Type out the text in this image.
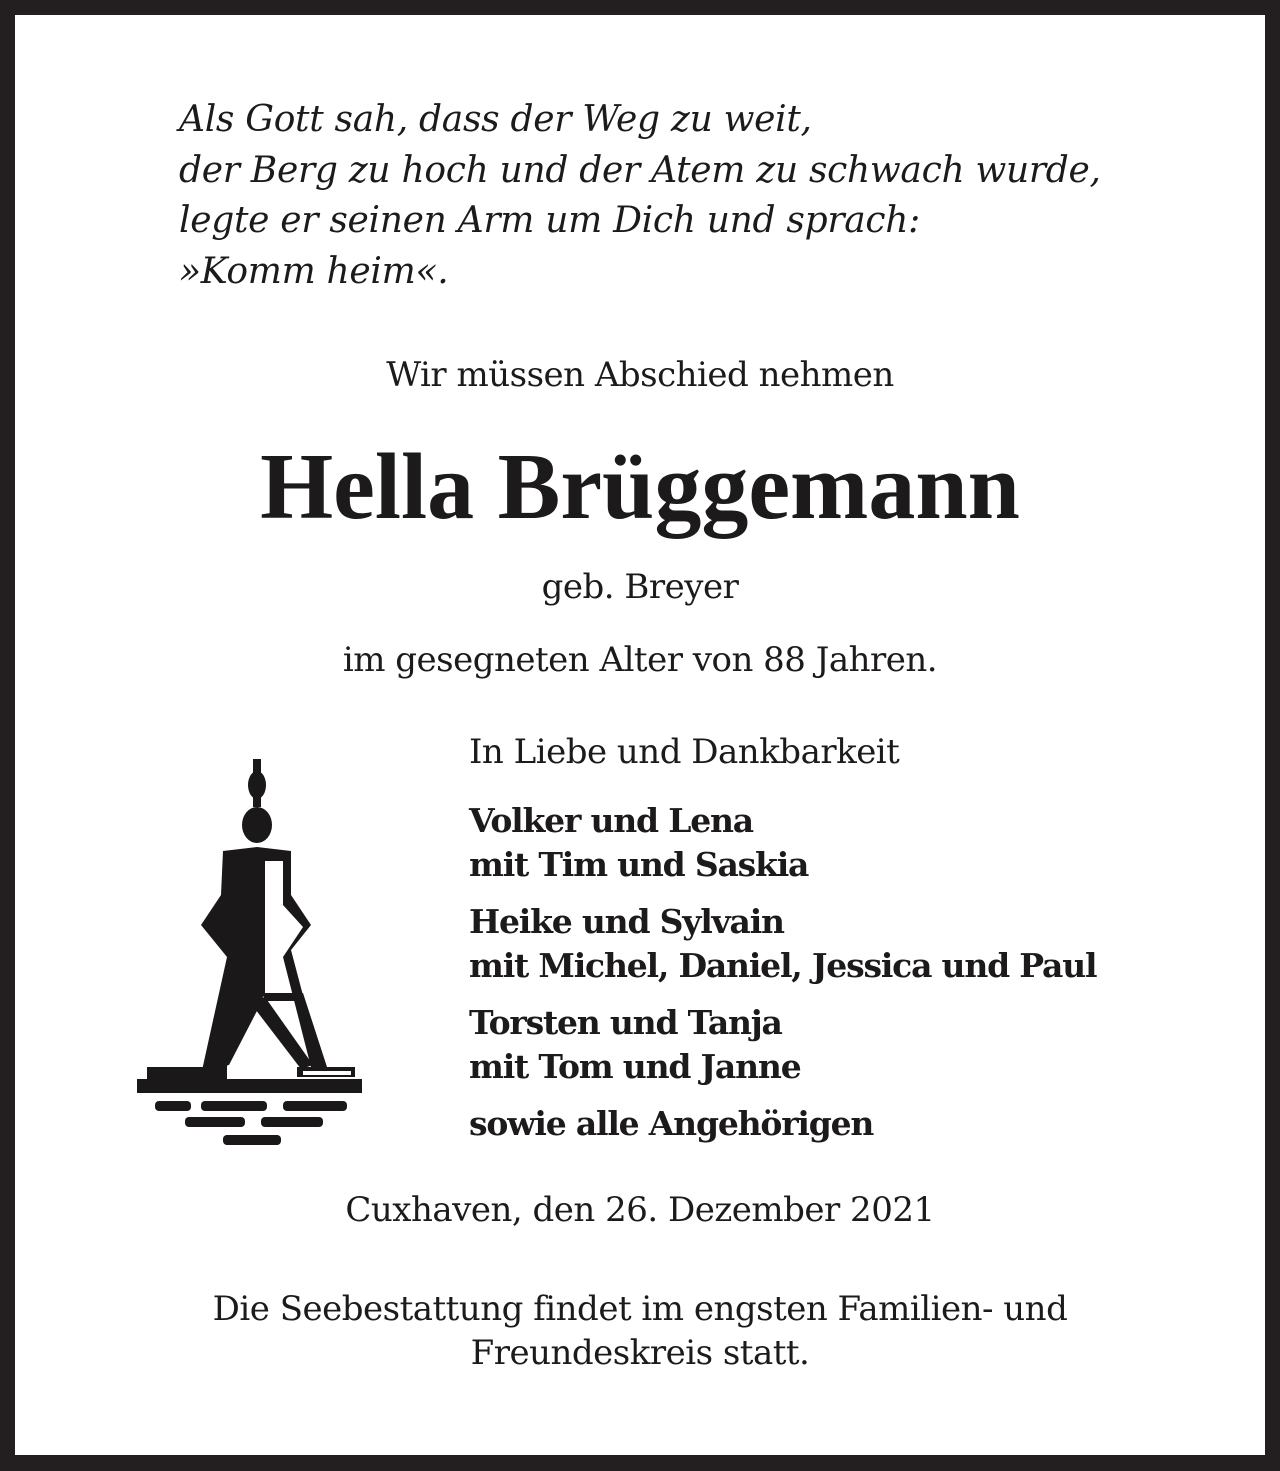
Als Gott sah, dass der Weg zu weit,
der Berg zu hoch und der Atem zu schwach wurde,
legte er seinen Arm um Dich und sprach:
»Komm heim«.
Wir müssen Abschied nehmen
Hella Brüggemann
geb. Breyer
im gesegneten Alter von 88 Jahren.
In Liebe und Dankbarkeit
Volker und Lena
mit Tim und Saskia
Heike und Sylvain
mit Michel, Daniel, Jessica und Paul
Torsten und Tanja
mit Tom und Janne
sowie alle Angehörigen
Cuxhaven, den 26. Dezember 2021
Die Seebestattung findet im engsten Familien- und
Freundeskreis statt.
